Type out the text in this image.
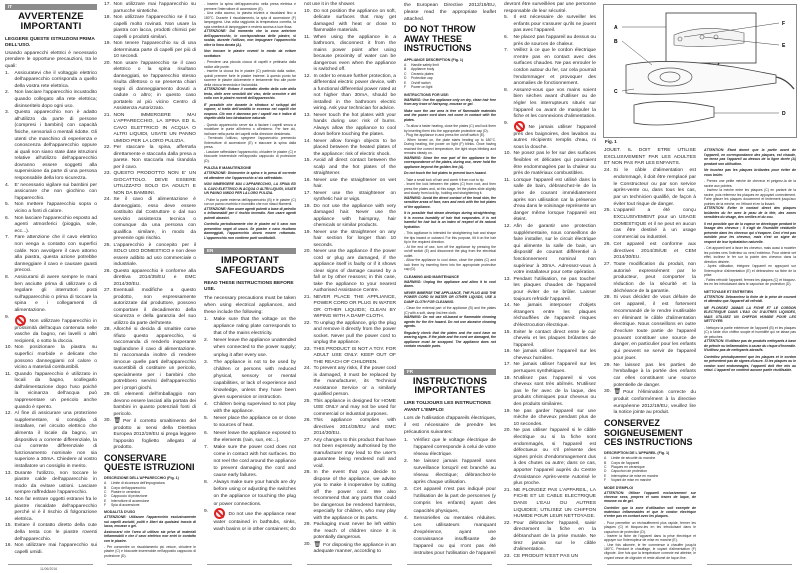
A
B
C
D
E
F
Fig. 1
IT
AVVERTENZE IMPORTANTI
LEGGERE QUESTE ISTRUZIONI PRIMA DELL'USO.
Usando apparecchi elettrici è necessario prendere le opportune precauzioni, tra le quali:
1. Assicuratevi che il voltaggio elettrico dell'apparecchio corrisponda a quello della vostra rete elettrica.
2. Non lasciare l'apparecchio incustodito quando collegato alla rete elettrica; disinseritelo dopo ogni uso.
3. Questo apparecchio non è adatto all'utilizzo da parte di persone (compresi i bambini) con capacità fisiche, sensoriali o mentali ridotte. Gli utenti che manchino di esperienza e conoscenza dell'apparecchio oppure ai quali non siano state date istruzioni relative all'utilizzo dell'apparecchio dovranno essere soggetti alla supervisione da parte di una persona responsabile della loro sicurezza.
4. E' necessario vigilare sui bambini per assicurare che non giochino con l'apparecchio.
5. Non mettere l'apparecchio sopra o vicino a fonti di calore.
6. Non lasciare l'apparecchio esposto ad agenti atmosferici (pioggia, sole, ecc...).
7. Fare attenzione che il cavo elettrico non venga a contatto con superfici calde. Non avvolgere il cavo attorno alla piastra, questa azione potrebbe danneggiare il cavo e causare guasti precoci.
8. Assicurarsi di avere sempre le mani ben asciutte prima di utilizzare o di regolare gli interruttori posti sull'apparecchio o prima di toccare la spina e i collegamenti di alimentazione.
9.
Non utilizzare l'apparecchio in prossimità dell'acqua contenuta nelle vasche da bagno, nei lavelli o altri recipienti, o sotto la doccia.
10. Non posizionare la piastra su superfici morbide e delicate che possono danneggiarsi col calore o vicino a materiali combustibili.
11. Quando l'apparecchio è utilizzato in locali da bagno, scollegarlo dall'alimentazione dopo l'uso poiché la vicinanza dell'acqua può rappresentare un pericolo anche quando è spento.
12. Al fine di assicurare una protezione supplementare, si consiglia di installare, nel circuito elettrico che alimenta il locale da bagno, un dispositivo a corrente differenziale, la cui corrente differenziale di funzionamento nominale non sia superiore a 30mA. Chiedere al vostro installatore un consiglio in merito.
13. Durante l'utilizzo, non toccare le piastre calde dell'apparecchio in modo da evitare ustioni. Lasciare sempre raffreddare l'apparecchio.
14. Non far entrare oggetti estranei fra le piastre riscaldate dell'apparecchio perché vi è il rischio di folgorazione elettrica.
15. Evitare il contatto diretto della cute della testa con le piastre roventi dell'apparecchio.
16. Non utilizzare mai l'apparecchio sui capelli umidi.
17. Non utilizzare mai l'apparecchio su parrucche sintetiche.
18. Non utilizzare l'apparecchio se il tuo capelli molto rovinati. Non usare la piastra con lacca, prodotti chimici per capelli o prodotti similari.
19. Non tenere l'apparecchio su di una determinata parte di capelli per più di 10 secondi.
20. Non usare l'apparecchio se il cavo elettrico o la spina risultano danneggiati, se l'apparecchio stesso risulta difettoso o se presenta chiari segni di danneggiamento dovuti a cadute o altro; in questo caso portatelo al più vicino Centro di Assistenza Autorizzato.
21. NON IMMERGERE MAI L'APPARECCHIO, LA SPINA ED IL CAVO ELETTRICO IN ACQUA O ALTRI LIQUIDI, USATE UN PANNO UMIDO PER LA LORO PULIZIA.
22. Per staccare la spina, afferrarla direttamente e staccarla dalla presa a parete. Non staccarla mai tirandola per il cavo.
23. QUESTO PRODOTTO NON E' UN GIOCATTOLO. DEVE ESSERE UTILIZZATO SOLO DA ADULTI E NON DA BAMBINI.
24. Se il cavo di alimentazione è danneggiato, esso deve essere sostituito dal Costruttore o dal suo servizio assistenza tecnica o comunque da una persona con qualifica similare, in modo da prevenire ogni rischio.
25. L'apparecchio è concepito per il SOLO USO DOMESTICO e non deve essere adibito ad uso commerciale o industriale.
26. Questo apparecchio è conforme alla direttiva 2014/35/EU e EMC 2014/30/EU.
27. Eventuali modifiche a questo prodotto, non espressamente autorizzate dal produttore, possono comportare il decadimento della sicurezza e della garanzia del suo utilizzo da parte dell'utente.
28. Allorché si decida di smaltire come rifiuto questo apparecchio, si raccomanda di renderlo inoperante tagliandone il cavo di alimentazione. Si raccomanda inoltre di rendere innocue quelle parti dell'apparecchio suscettibili di costituire un pericolo, specialmente per i bambini che potrebbero servirsi dell'apparecchio per i propri giochi.
29. Gli elementi dell'imballaggio non devono essere lasciati alla portata dei bambini in quanto potenziali fonti di pericolo.
30. 🗑 Per il corretto smaltimento del prodotto ai sensi della Direttiva Europea 2012/19/EU si prega leggere l'apposito foglietto allegato al prodotto.
CONSERVARE QUESTE ISTRUZIONI
DESCRIZIONE DELL'APPARECCHIO (Fig. 1)
A Limite di sicurezza dell'impugnatura
B Corpo dell'apparecchio
C Piastre in ceramica
D Cappuccio di protezione
E Interruttore di accensione
F Spia di accensione
MODALITÀ D'USO
ATTENZIONE: Utilizzare l'apparecchio esclusivamente sui capelli asciutti, puliti e liberi da qualsiasi traccia di lacca, mousse o gel.
Assicurarsi che l'area di utilizzo sia priva di materiali infiammabili e che il cavo elettrico non entri in contatto con le piastre.
- Per consentire un riscaldamento più veloce, chiudere le piastre (C) e bloccarle inserendole nell'apposito cappuccio di protezione (D).
- Inserire la spina dell'apparecchio nella presa elettrica e premere l'interruttore di accensione (E).
- Una volta acceso, la piastra inizierà a riscaldarsi fino a 180°C. Durante il riscaldamento, la spia di accensione (F) lampeggerà. Una volta raggiunta la temperatura corretta, la spia smetterà di lampeggiare e resterà accesa a luce fissa.
ATTENZIONE: Dal momento che la zona anteriore dell'apparecchio, in corrispondenza delle piastre, si scalda, durante l'utilizzo, non impugnare l'apparecchio oltre la linea dorata (A).
Non toccare le piastre roventi in modo da evitare scottature.
- Prendere una piccola ciocca di capelli e pettinarla dalla radice alle punte.
- Inserire la ciocca fra le piastre (C) partendo dalla radice, quindi premere forte le piastre insieme. A questo punto far scorrere le piastre dolcemente e lentamente fino alle punte della ciocca tenendola e lisciandola.
ATTENZIONE: Evitare il contatto diretto della cute della testa, delle aree sensibili del viso, delle orecchie e del collo con le piastre roventi dell'apparecchio.
E' possibile che durante la stiratura si sviluppi del vapore; si tratta dell'umidità in eccesso nei capelli che evapora. Ciò non è dannoso per i capelli ma è indice di rispetto della loro idratazione naturale.
- Questo apparecchio serve sia a lisciare i capelli senza a modellare le punte all'interno o all'esterno. Per fare ciò, inclinare nella punta dei capelli nella direzione desiderata.
- Terminato l'utilizzo, spegnere l'apparecchio premendo l'interruttore di accensione (E) e staccare la spina dalla presa.
- Lasciare raffreddare l'apparecchio, chiudere le piastre (C) e bloccarle inserendole nell'apposito cappuccio di protezione (D).
PULIZIA E MANUTENZIONE
ATTENZIONE: Disinserire la spina e la presa di corrente ed attendere che l'apparecchio si sia raffreddato.
NON IMMERGERE MAI L'APPARECCHIO, LA SPINA ED IL CAVO ELETTRICO IN ACQUA O ALTRI LIQUIDI, USATE UN PANNO UMIDO PER LA LORO PULIZIA.
- Pulire la parte esterna dell'apparecchio (B) e le piastre (C) con un panno morbido e inumidito che non rilasci filamenti.
ATTENZIONE: Non usare agenti pulenti a base di petrolio o infiammabili per il rischio incendio. Non usare agenti pulenti abrasivi.
Controlla periodicamente che le piastre ed il cavo non presentino segni di usura. Se piastre e cavo risultano danneggiati, l'apparecchio dovrà essere rottamato. L'apparecchio non contiene parti sostituibili.
EN
IMPORTANT SAFEGUARDS
READ THESE INSTRUCTIONS BEFORE USE.
The necessary precautions must be taken when using electrical appliances, and these include the following:
1. Make sure that the voltage on the appliance rating plate corresponds to that of the mains electricity.
2. Never leave the appliance unattended when connected to the power supply; unplug it after every use.
3. The appliance is not to be used by children or persons with reduced physical, sensory or mental capabilities, or lack of experience and knowledge, unless they have been given supervision or instruction.
4. Children being supervised to not play with the appliance.
5. Never place the appliance on or close to sources of heat.
6. Never leave the appliance exposed to the elements (rain, sun, etc...).
7. Make sure the power cord does not come in contact with hot surfaces. Do not reel the cord around the appliance to prevent damaging the cord and cause early failures.
8. Always make sure your hands are dry before using or adjusting the switches on the appliance or touching the plug or power connections.
9.
Do not use the appliance near water contained in bathtubs, sinks, wash basins or in other containers; do
not use it in the shower.
10. Do not position the appliance on soft, delicate surfaces that may get damaged with heat or close to flammable materials.
11. When using the appliance in a bathroom, disconnect it from the mains power point after using because proximity of water can be dangerous even when the appliance is switched off.
12. In order to ensure further protection, a differential electric power device, with a functional differential power rated at not higher than 30mA, should be installed in the bathroom electric wiring. Ask your technician for advice.
13. Never touch the hot plates with your hands during use: risk of burns. Always allow the appliance to cool down before touching the plates.
14. Never allow foreign objects to be placed between the heated plates of the appliance: risk of electric shock.
15. Avoid all direct contact between the scalp and the hot plates of the straightener.
16. Never use the straightener on wet hair.
17. Never use the straightener on synthetic hair or wigs.
18. Do not use the appliance with very damaged hair. Never use the appliance with hairspray, hair chemicals or similar products.
19. Never use the straightener on any hair section for longer than 10 seconds.
20. Never use the appliance if the power cord or plug are damaged, if the appliance itself is faulty or if it shows clear signs of damage caused by a fall or by other reasons; in this case, take the appliance to your nearest Authorised Assistance Centre.
21. NEVER PLACE THE APPLIANCE, POWER CORD OR PLUG IN WATER OR OTHER LIQUIDS; CLEAN BY WIPING WITH A DAMP CLOTH.
22. To unplug the appliance, grip the plug and remove it directly from the power socket. Never pull the power cord to unplug the appliance.
23. THIS PRODUCT IS NOT A TOY. FOR ADULT USE ONLY. KEEP OUT OF THE REACH OF CHILDREN.
24. To prevent any risks, if the power cord is damaged, it must be replaced by the manufacturer, its Technical Assistance Service or a similarly qualified person.
25. This appliance is designed for HOME USE ONLY and may not be used for commercial or industrial purposes.
26. This appliance complies with directives 2014/35/EU and EMC 2014/30/EU.
27. Any changes to this product that have not been expressly authorised by the manufacturer may lead to the user's guarantee being rendered null and void.
28. In the event that you decide to dispose of the appliance, we advise you to make it inoperative by cutting off the power cord. We also recommend that any parts that could be dangerous be rendered harmless, especially for children, who may play with the appliance or its parts.
29. Packaging must never be left within the reach of children since it is potentially dangerous.
30. 🗑 For disposing the appliance in an adequate manner, according to
the European Directive 2012/19/EU, please read the appropriate leaflet attached.
DO NOT THROW AWAY THESE INSTRUCTIONS
APPLIANCE DESCRIPTION (Fig. 1)
A Handle safety limit
B Appliance body
C Ceramic plates
D Protection cap
E On/off switch
F Power on light
INSTRUCTIONS FOR USE:
WARNING: Use the appliance only on dry, clean hair free from any trace of hairspray, mousse or gel.
Make sure the use area is free of flammable materials and the power cord does not come in contact with the plates.
- To allow a faster heating, close the plates (C) and lock them by inserting them into the appropriate protective cap (D).
- Plug the appliance in and press the on/off switch (E).
- When turned on, the plate starts heating up to 180°C. During heating, the power on light (F) blinks. Once having reached the correct temperature, the light stops blinking and remains steady on.
WARNING: Since the rear part of the appliance in the correspondence of the plates, during use, never hold the appliance beyond the golden line (A).
Do not touch the hot plates to prevent burn hazard.
- Take a small lock of hair and comb it from root to tip.
- Insert the lock between the plates (C) from root, and then press the plates and, at this stage, let the plates slide slightly and slowly from lock tip, holding and straightening it.
WARNING: Avoid the direct contact of the head skin, the sensitive areas of face, ears and neck with the hot plates of the appliance.
It is possible that steam develops during straightening; it is excess humidity of hair that evaporates. It is not harmful for hair but is an index of respect of its natural hydration.
- This appliance is intended for straightening hair and shape the tips inward or outward. For this purpose, tilt it on the hair tip in the required direction.
- At the end of use, turn off the appliance by pressing the on/off switch (E) and disconnect the plug from the electrical outlet.
- Allow the appliance to cool down, close the plates (C) and lock them by inserting them into the appropriate protective cap (D).
CLEANING AND MAINTENANCE
WARNING: Unplug the appliance and allow it to cool down.
NEVER IMMERSE THE APPLIANCE, THE PLUG AND THE POWER CORD IN WATER OR OTHER LIQUIDS, USE A DAMP CLOTH FOR CLEANING.
- Clean the external part of the appliance (B) and the plates (C) with a soft, damp lint-free cloth.
WARNING: Do not use oil-based or flammable cleaning agents for the fire hazard. Do not use abrasive cleaning agents.
Regularly check that the plates and the cord have no wearing signs. If the plate and the cord are damaged, the appliance must be scrapped. The appliance does not contain reusable parts.
FR
INSTRUCTIONS IMPORTANTES
LIRE TOUJOURS LES INSTRUCTIONS AVANT L'EMPLOI
Lors de l'utilisation d'appareils électriques, il est nécessaire de prendre les précautions suivantes:
1. Vérifiez que le voltage électrique de l'appareil corresponde à celui de votre réseau électrique.
2. Ne laissez jamais l'appareil sans surveillance lorsqu'il est branché au réseau électrique; débranchez-le après chaque utilisation.
3. Cet appareil n'est pas indiqué pour l'utilisation de la part de personnes (y compris les enfants) ayant des capacités physiques,
4. Sensorielles ou mentales réduites. Les utilisateurs manquant d'expérience, ayant une connaissance insuffisante de l'appareil ou qui n'ont pas été instruites pour l'utilisation de l'appareil
devront être surveillées par une personne responsable de leur sécurité.
5. Il est nécessaire de surveiller les enfants pour s'assurer qu'ils ne jouent pas avec l'appareil.
6. Ne placez pas l'appareil au dessus ou près de sources de chaleur.
7. Veillez à ce que le cordon électrique n'entre pas en contact avec des surfaces chaudes. Ne pas enrouler le cordon autour du fer, car cela pourrait l'endommager et provoquer des anomalies de fonctionnement.
8. Assurez-vous que vos mains soient bien sèches avant d'utiliser ou de régler les interrupteurs situés sur l'appareil ou avant de manipuler la fiche et les connexions d'alimentation.
9.
Ne jamais utiliser l'appareil près des baignoires, des lavabos ou autres récipients remplis d'eau, ni sous la douche.
10. Ne posez pas le fer sur des surfaces flexibles et délicates qui pourraient être endommagées par la chaleur ou près de matériaux combustibles.
11. Lorsque l'appareil est utilisé dans la salle de bain, débranchez-le de la prise de courant immédiatement après son utilisation car la présence d'eau dans le voisinage représente un danger même lorsque l'appareil est éteint.
12. Afin de garantir une protection supplémentaire, nous conseillons de faire installer, sur le circuit électrique qui alimente la salle de bain, un dispositif de courant différentiel à fonctionnement nominal non supérieur à 30mA. Adressez-vous à votre installateur pour cette opération.
13. Pendant l'utilisation, ne pas toucher les plaques chaudes de l'appareil pour éviter de se brûler. Laisser toujours refroidir l'appareil.
14. Ne jamais interposer d'objets étrangers entre les plaques réchauffées de l'appareil: risques d'électrocution électrique.
15. Eviter le contact direct entre le cuir chevelu et les plaques brûlantes de l'appareil.
16. Ne jamais utiliser l'appareil sur les cheveux humides.
17. Ne jamais utiliser l'appareil sur les perruques synthétiques.
18. N'utilisez pas l'appareil si vos cheveux sont très abîmés. N'utilisez pas le fer avec de la laque, des produits chimiques pour cheveux ou des produits similaires.
19. Ne pas garder l'appareil sur une mèche de cheveux pendant plus de 10 secondes.
20. Ne pas utiliser l'appareil si le câble électrique ou si la fiche sont endommagés, si l'appareil est défectueux ou s'il présente des signes précis d'endommagement dus à des chutes ou autre; dans ce cas, apporter l'appareil auprès du Centre d'Assistance Après-vente Autorisé le plus proche.
21. NE PLONGEZ PAS L'APPAREIL, LA FICHE ET LE CABLE ELECTRIQUE DANS L'EAU OU AUTRES LIQUIDES; UTILISEZ UN CHIFFON HUMIDE POUR LEUR NETTOYAGE.
22. Pour débrancher l'appareil, saisir directement la fiche en la débranchant de la prise murale. Ne tirez jamais sur le câble d'alimentation.
23. CE PRODUIT N'EST PAS UN
JOUET. IL DOIT ETRE UTILISE EXCLUSIVEMENT PAR LES ADULTES ET NON PAS PAR LES ENFANTS.
24. Si le câble d'alimentation est endommagé, il doit être remplacé par le Constructeur ou par son service après-vente ou, dans tous les cas, par un technicien qualifié, de façon à éviter tout risque de danger.
25. L'appareil a été conçu EXCLUSIVEMENT pour un USAGE DOMESTIQUE et il ne peut en aucun cas être destiné à un usage commercial ou industriel.
26. Cet appareil est conforme aux directives 2014/35/UE et CEM 2014/30/EU.
27. Toute modification du produit, non autorisé expressément par le producteur, peut comporter la réduction de la sécurité et la déchéance de la garantie.
28. Si vous décidez de vous défaire de cet appareil, il est fortement recommandé de le rendre inutilisable en éliminant le câble d'alimentation électrique. Nous conseillons en outre d'exclure toute partie de l'appareil pouvant constituer une source de danger, en particulier pour les enfants qui peuvent se servir de l'appareil pour jouer.
29. Ne laissez pas les parties de l'emballage à la portée des enfants car elles constituent une source potentielle de danger.
30. 🗑 Pour l'élimination correcte du produit conformément à la directive européenne 2012/19/EU, veuillez lire la notice jointe au produit.
CONSERVEZ SOIGNEUSEMENT CES INSTRUCTIONS
DESCRIPTION DE L'APPAREIL (Fig. 1)
A Limite de sécurité du manche
B Corps de l'appareil
C Plaques en céramique
D Capuchon de protection
E Interrupteur de mise en marche
F Voyant de mise en marche
MODE D'EMPLOI
ATTENTION: Utiliser l'appareil exclusivement sur cheveux secs, propres et sans traces de laque, de mousse ou de gel.
Contrôler que la zone d'utilisation soit exempte de matériaux inflammables et que le cordon électrique n'entre pas en contact avec les plaques.
- Pour permettre un réchauffement plus rapide, fermer les plaques (C) et bloquez-les en les introduisant dans le capuchon de protection (D).
- Insérer la fiche de l'appareil dans la prise électrique et appuyer sur l'interrupteur de mise en marche (E).
- Une fois allumée, le fer commence à chauffer jusqu'à 180°C. Pendant le chauffage, le voyant d'alimentation (F) clignote. Une fois que la température correcte est atteinte, le voyant cesse de clignoter et reste allumé de façon fixe.
ATTENTION: Etant donné que la partie avant de l'appareil, en correspondance des plaques, est chaude, ne tenez pas l'appareil au dessus de la ligne dorée (A) pendant son utilisation.
Ne touchez pas les plaques brûlantes pour éviter de vous brûler.
- Prenez une petite mèche de cheveux et peignez-la de la racine aux pointes.
- Insérez la mèche entre les plaques (C) en partant de la racine, puis refermez les plaques en appuyant correctement. Faire glisser les plaques doucement et lentement jusqu'aux pointes de la mèche, en l'étirant et en la lissant.
ATTENTION: Eviter le contact direct des plaques brûlantes du fer avec la peau de la tête, des zones sensibles du visage, des oreilles et du cou.
Il est possible que de la vapeur se développe pendant le lissage des cheveux ; il s'agit de l'humidité résiduelle présente dans les cheveux qui s'évapore. Ceci n'est pas nuisible pour les cheveux, mais c'est un signe de respect de leur hydratation naturelle.
- Cet appareil sert à lisser les cheveux, mais aussi à modeler les pointes vers l'intérieur ou vers l'extérieur. Pour obtenir cet effet, inclinez le fer sur la pointe des cheveux dans la direction désirée.
- Après utilisation, éteignez l'appareil en appuyant sur l'interrupteur d'alimentation (E) et débranchez sa fiche de la prise.
- Faites refroidir l'appareil, fermez les plaques (C) et bloquez-les en les introduisant dans le capuchon de protection (D).
NETTOYAGE ET ENTRETIEN
ATTENTION: Débranchez la fiche de la prise de courant et attendez que l'appareil ait refroidi.
NE PLONGEZ JAMAIS LA FICHE ET LE CORDON ELECTRIQUE DANS L'EAU OU D'AUTRES LIQUIDES, MAIS UTILISEZ UN CHIFFON HUMIDE POUR LES NETTOYER.
- Nettoyez la partie extérieure de l'appareil (B) et les plaques (C) à l'aide d'un chiffon souple et humidifié qui ne laisse pas de peluches.
ATTENTION: N'utilisez pas de produits nettoyants à base de pétrole ou inflammables à cause du risque d'incendie. N'utilisez pas de nettoyants abrasifs.
Contrôlez périodiquement que les plaques et le cordon ne présentent pas de signes d'usure. Si les plaques ou le cordon sont endommagés, l'appareil doit être mis au rebut. L'appareil ne contient aucune partie réutilisable.
11/06/2016
